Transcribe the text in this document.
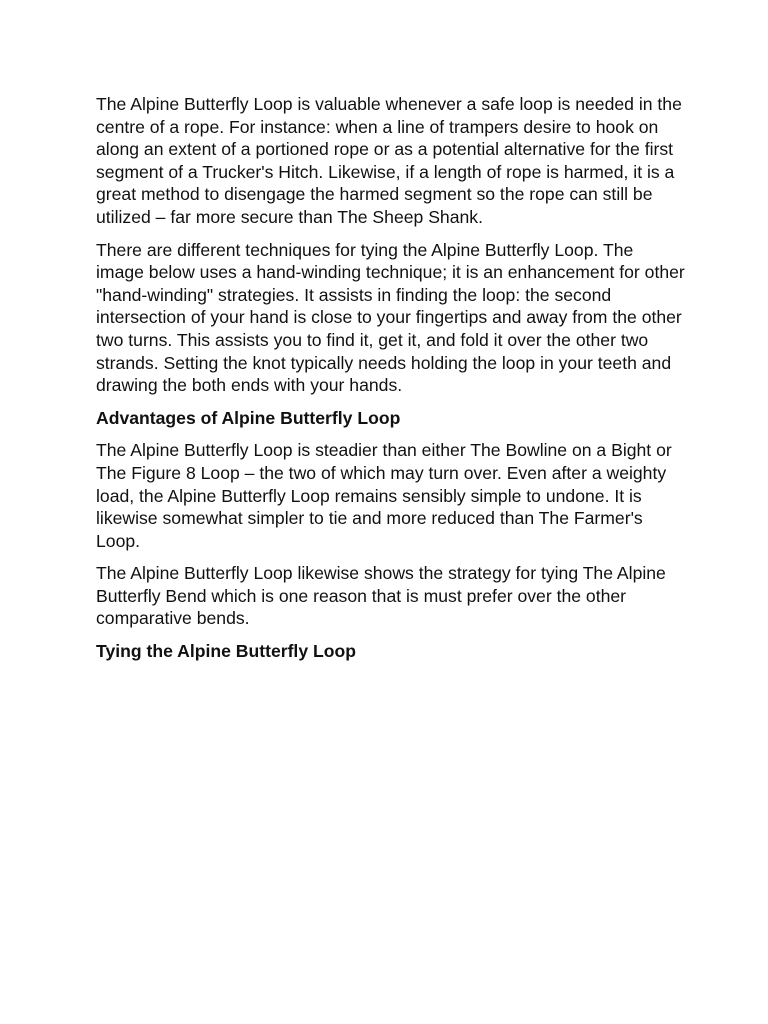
The Alpine Butterfly Loop is valuable whenever a safe loop is needed in the centre of a rope. For instance: when a line of trampers desire to hook on along an extent of a portioned rope or as a potential alternative for the first segment of a Trucker's Hitch. Likewise, if a length of rope is harmed, it is a great method to disengage the harmed segment so the rope can still be utilized – far more secure than The Sheep Shank.

There are different techniques for tying the Alpine Butterfly Loop. The image below uses a hand-winding technique; it is an enhancement for other "hand-winding" strategies. It assists in finding the loop: the second intersection of your hand is close to your fingertips and away from the other two turns. This assists you to find it, get it, and fold it over the other two strands. Setting the knot typically needs holding the loop in your teeth and drawing the both ends with your hands.

Advantages of Alpine Butterfly Loop

The Alpine Butterfly Loop is steadier than either The Bowline on a Bight or The Figure 8 Loop – the two of which may turn over. Even after a weighty load, the Alpine Butterfly Loop remains sensibly simple to undone. It is likewise somewhat simpler to tie and more reduced than The Farmer's Loop.

The Alpine Butterfly Loop likewise shows the strategy for tying The Alpine Butterfly Bend which is one reason that is must prefer over the other comparative bends.

Tying the Alpine Butterfly Loop
